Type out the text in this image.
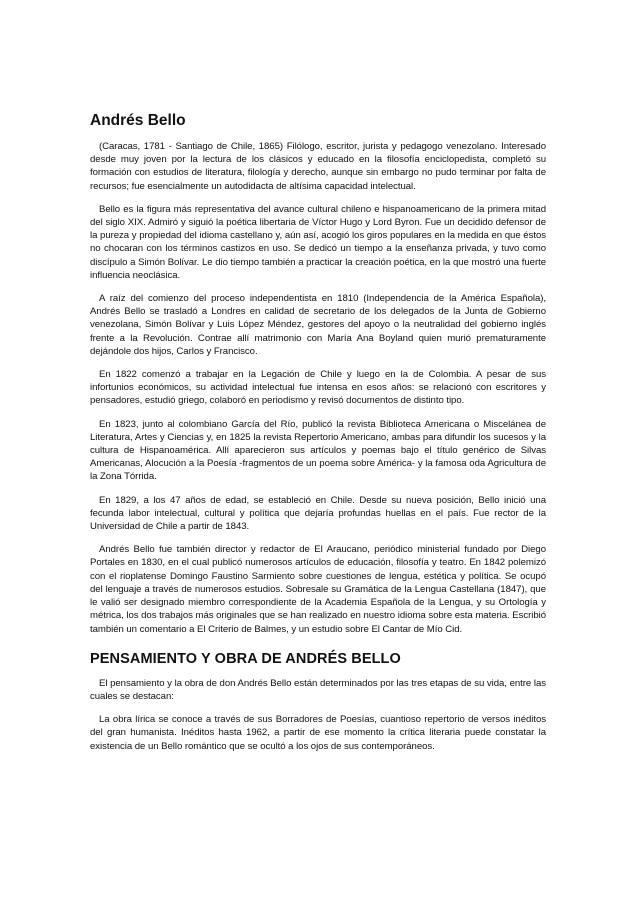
Andrés Bello

(Caracas, 1781 - Santiago de Chile, 1865) Filólogo, escritor, jurista y pedagogo venezolano. Interesado desde muy joven por la lectura de los clásicos y educado en la filosofía enciclopedista, completó su formación con estudios de literatura, filología y derecho, aunque sin embargo no pudo terminar por falta de recursos; fue esencialmente un autodidacta de altísima capacidad intelectual.

Bello es la figura más representativa del avance cultural chileno e hispanoamericano de la primera mitad del siglo XIX. Admiró y siguió la poética libertaria de Víctor Hugo y Lord Byron. Fue un decidido defensor de la pureza y propiedad del idioma castellano y, aún así, acogió los giros populares en la medida en que éstos no chocaran con los términos castizos en uso. Se dedicó un tiempo a la enseñanza privada, y tuvo como discípulo a Simón Bolívar. Le dio tiempo también a practicar la creación poética, en la que mostró una fuerte influencia neoclásica.

A raíz del comienzo del proceso independentista en 1810 (Independencia de la América Española), Andrés Bello se trasladó a Londres en calidad de secretario de los delegados de la Junta de Gobierno venezolana, Simón Bolívar y Luis López Méndez, gestores del apoyo o la neutralidad del gobierno inglés frente a la Revolución. Contrae allí matrimonio con María Ana Boyland quien murió prematuramente dejándole dos hijos, Carlos y Francisco.

En 1822 comenzó a trabajar en la Legación de Chile y luego en la de Colombia. A pesar de sus infortunios económicos, su actividad intelectual fue intensa en esos años: se relacionó con escritores y pensadores, estudió griego, colaboró en periodismo y revisó documentos de distinto tipo.

En 1823, junto al colombiano García del Río, publicó la revista Biblioteca Americana o Miscelánea de Literatura, Artes y Ciencias y, en 1825 la revista Repertorio Americano, ambas para difundir los sucesos y la cultura de Hispanoamérica. Allí aparecieron sus artículos y poemas bajo el título genérico de Silvas Americanas, Alocución a la Poesía -fragmentos de un poema sobre América- y la famosa oda Agricultura de la Zona Tórrida.

En 1829, a los 47 años de edad, se estableció en Chile. Desde su nueva posición, Bello inició una fecunda labor intelectual, cultural y política que dejaría profundas huellas en el país. Fue rector de la Universidad de Chile a partir de 1843.

Andrés Bello fue también director y redactor de El Araucano, periódico ministerial fundado por Diego Portales en 1830, en el cual publicó numerosos artículos de educación, filosofía y teatro. En 1842 polemizó con el rioplatense Domingo Faustino Sarmiento sobre cuestiones de lengua, estética y política. Se ocupó del lenguaje a través de numerosos estudios. Sobresale su Gramática de la Lengua Castellana (1847), que le valió ser designado miembro correspondiente de la Academia Española de la Lengua, y su Ortología y métrica, los dos trabajos más originales que se han realizado en nuestro idioma sobre esta materia. Escribió también un comentario a El Criterio de Balmes, y un estudio sobre El Cantar de Mío Cid.

PENSAMIENTO Y OBRA DE ANDRÉS BELLO

El pensamiento y la obra de don Andrés Bello están determinados por las tres etapas de su vida, entre las cuales se destacan:

La obra lírica se conoce a través de sus Borradores de Poesías, cuantioso repertorio de versos inéditos del gran humanista. Inéditos hasta 1962, a partir de ese momento la crítica literaria puede constatar la existencia de un Bello romántico que se ocultó a los ojos de sus contemporáneos.
